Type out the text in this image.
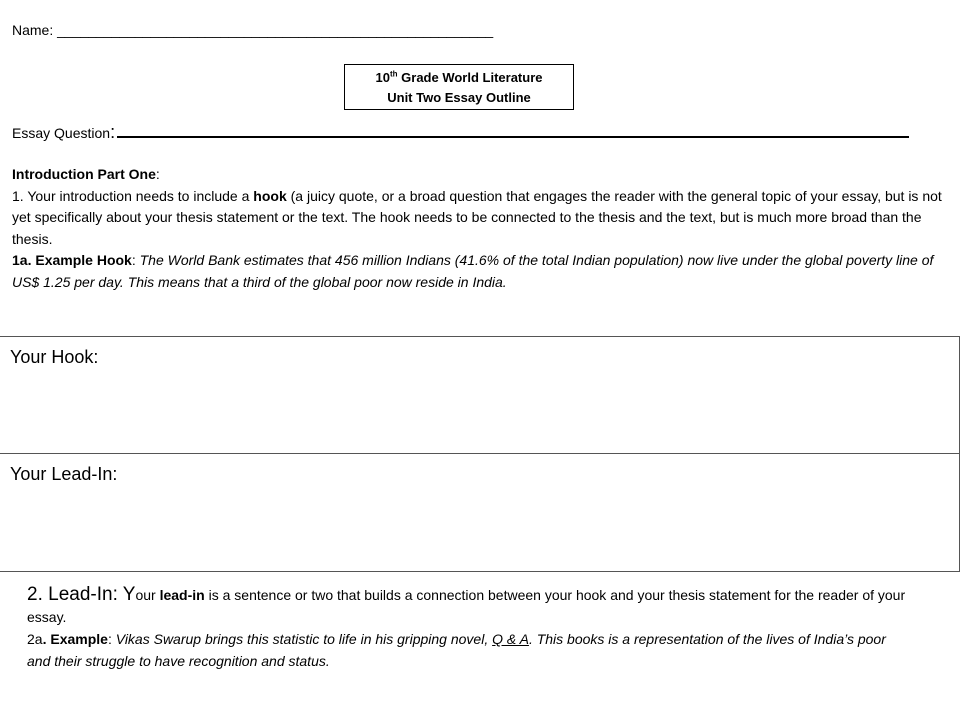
Name: ________________________________________________________
10th Grade World Literature
Unit Two Essay Outline
Essay Question:

Introduction Part One:

1. Your introduction needs to include a hook (a juicy quote, or a broad question that engages the reader with the general topic of your essay, but is not yet specifically about your thesis statement or the text. The hook needs to be connected to the thesis and the text, but is much more broad than the thesis.

1a. Example Hook: The World Bank estimates that 456 million Indians (41.6% of the total Indian population) now live under the global poverty line of US$ 1.25 per day. This means that a third of the global poor now reside in India.

Your Hook:
Your Lead-In:

2. Lead-In: Your lead-in is a sentence or two that builds a connection between your hook and your thesis statement for the reader of your essay.

2a. Example: Vikas Swarup brings this statistic to life in his gripping novel, Q & A. This books is a representation of the lives of India’s poor and their struggle to have recognition and status.
